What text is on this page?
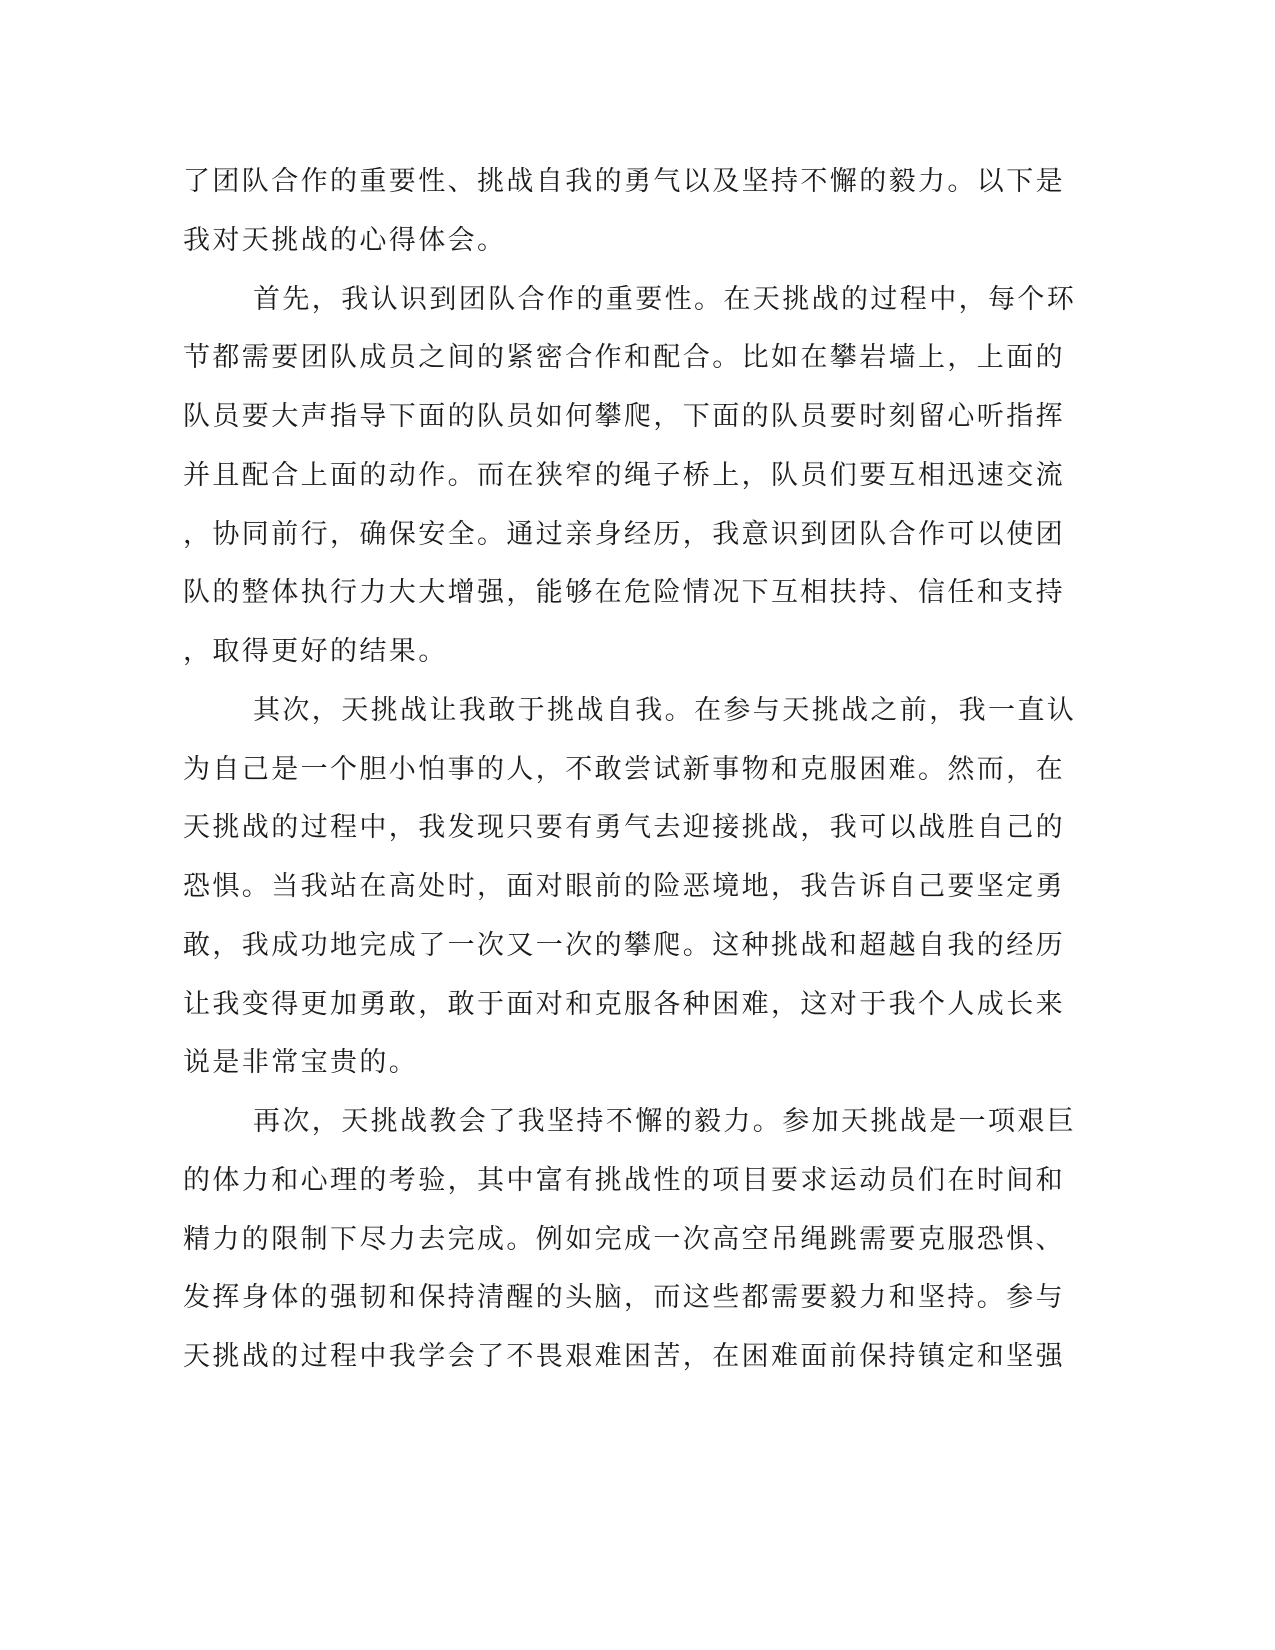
了团队合作的重要性、挑战自我的勇气以及坚持不懈的毅力。以下是
我对天挑战的心得体会。
首先，我认识到团队合作的重要性。在天挑战的过程中，每个环
节都需要团队成员之间的紧密合作和配合。比如在攀岩墙上，上面的
队员要大声指导下面的队员如何攀爬，下面的队员要时刻留心听指挥
并且配合上面的动作。而在狭窄的绳子桥上，队员们要互相迅速交流
，协同前行，确保安全。通过亲身经历，我意识到团队合作可以使团
队的整体执行力大大增强，能够在危险情况下互相扶持、信任和支持
，取得更好的结果。
其次，天挑战让我敢于挑战自我。在参与天挑战之前，我一直认
为自己是一个胆小怕事的人，不敢尝试新事物和克服困难。然而，在
天挑战的过程中，我发现只要有勇气去迎接挑战，我可以战胜自己的
恐惧。当我站在高处时，面对眼前的险恶境地，我告诉自己要坚定勇
敢，我成功地完成了一次又一次的攀爬。这种挑战和超越自我的经历
让我变得更加勇敢，敢于面对和克服各种困难，这对于我个人成长来
说是非常宝贵的。
再次，天挑战教会了我坚持不懈的毅力。参加天挑战是一项艰巨
的体力和心理的考验，其中富有挑战性的项目要求运动员们在时间和
精力的限制下尽力去完成。例如完成一次高空吊绳跳需要克服恐惧、
发挥身体的强韧和保持清醒的头脑，而这些都需要毅力和坚持。参与
天挑战的过程中我学会了不畏艰难困苦，在困难面前保持镇定和坚强
